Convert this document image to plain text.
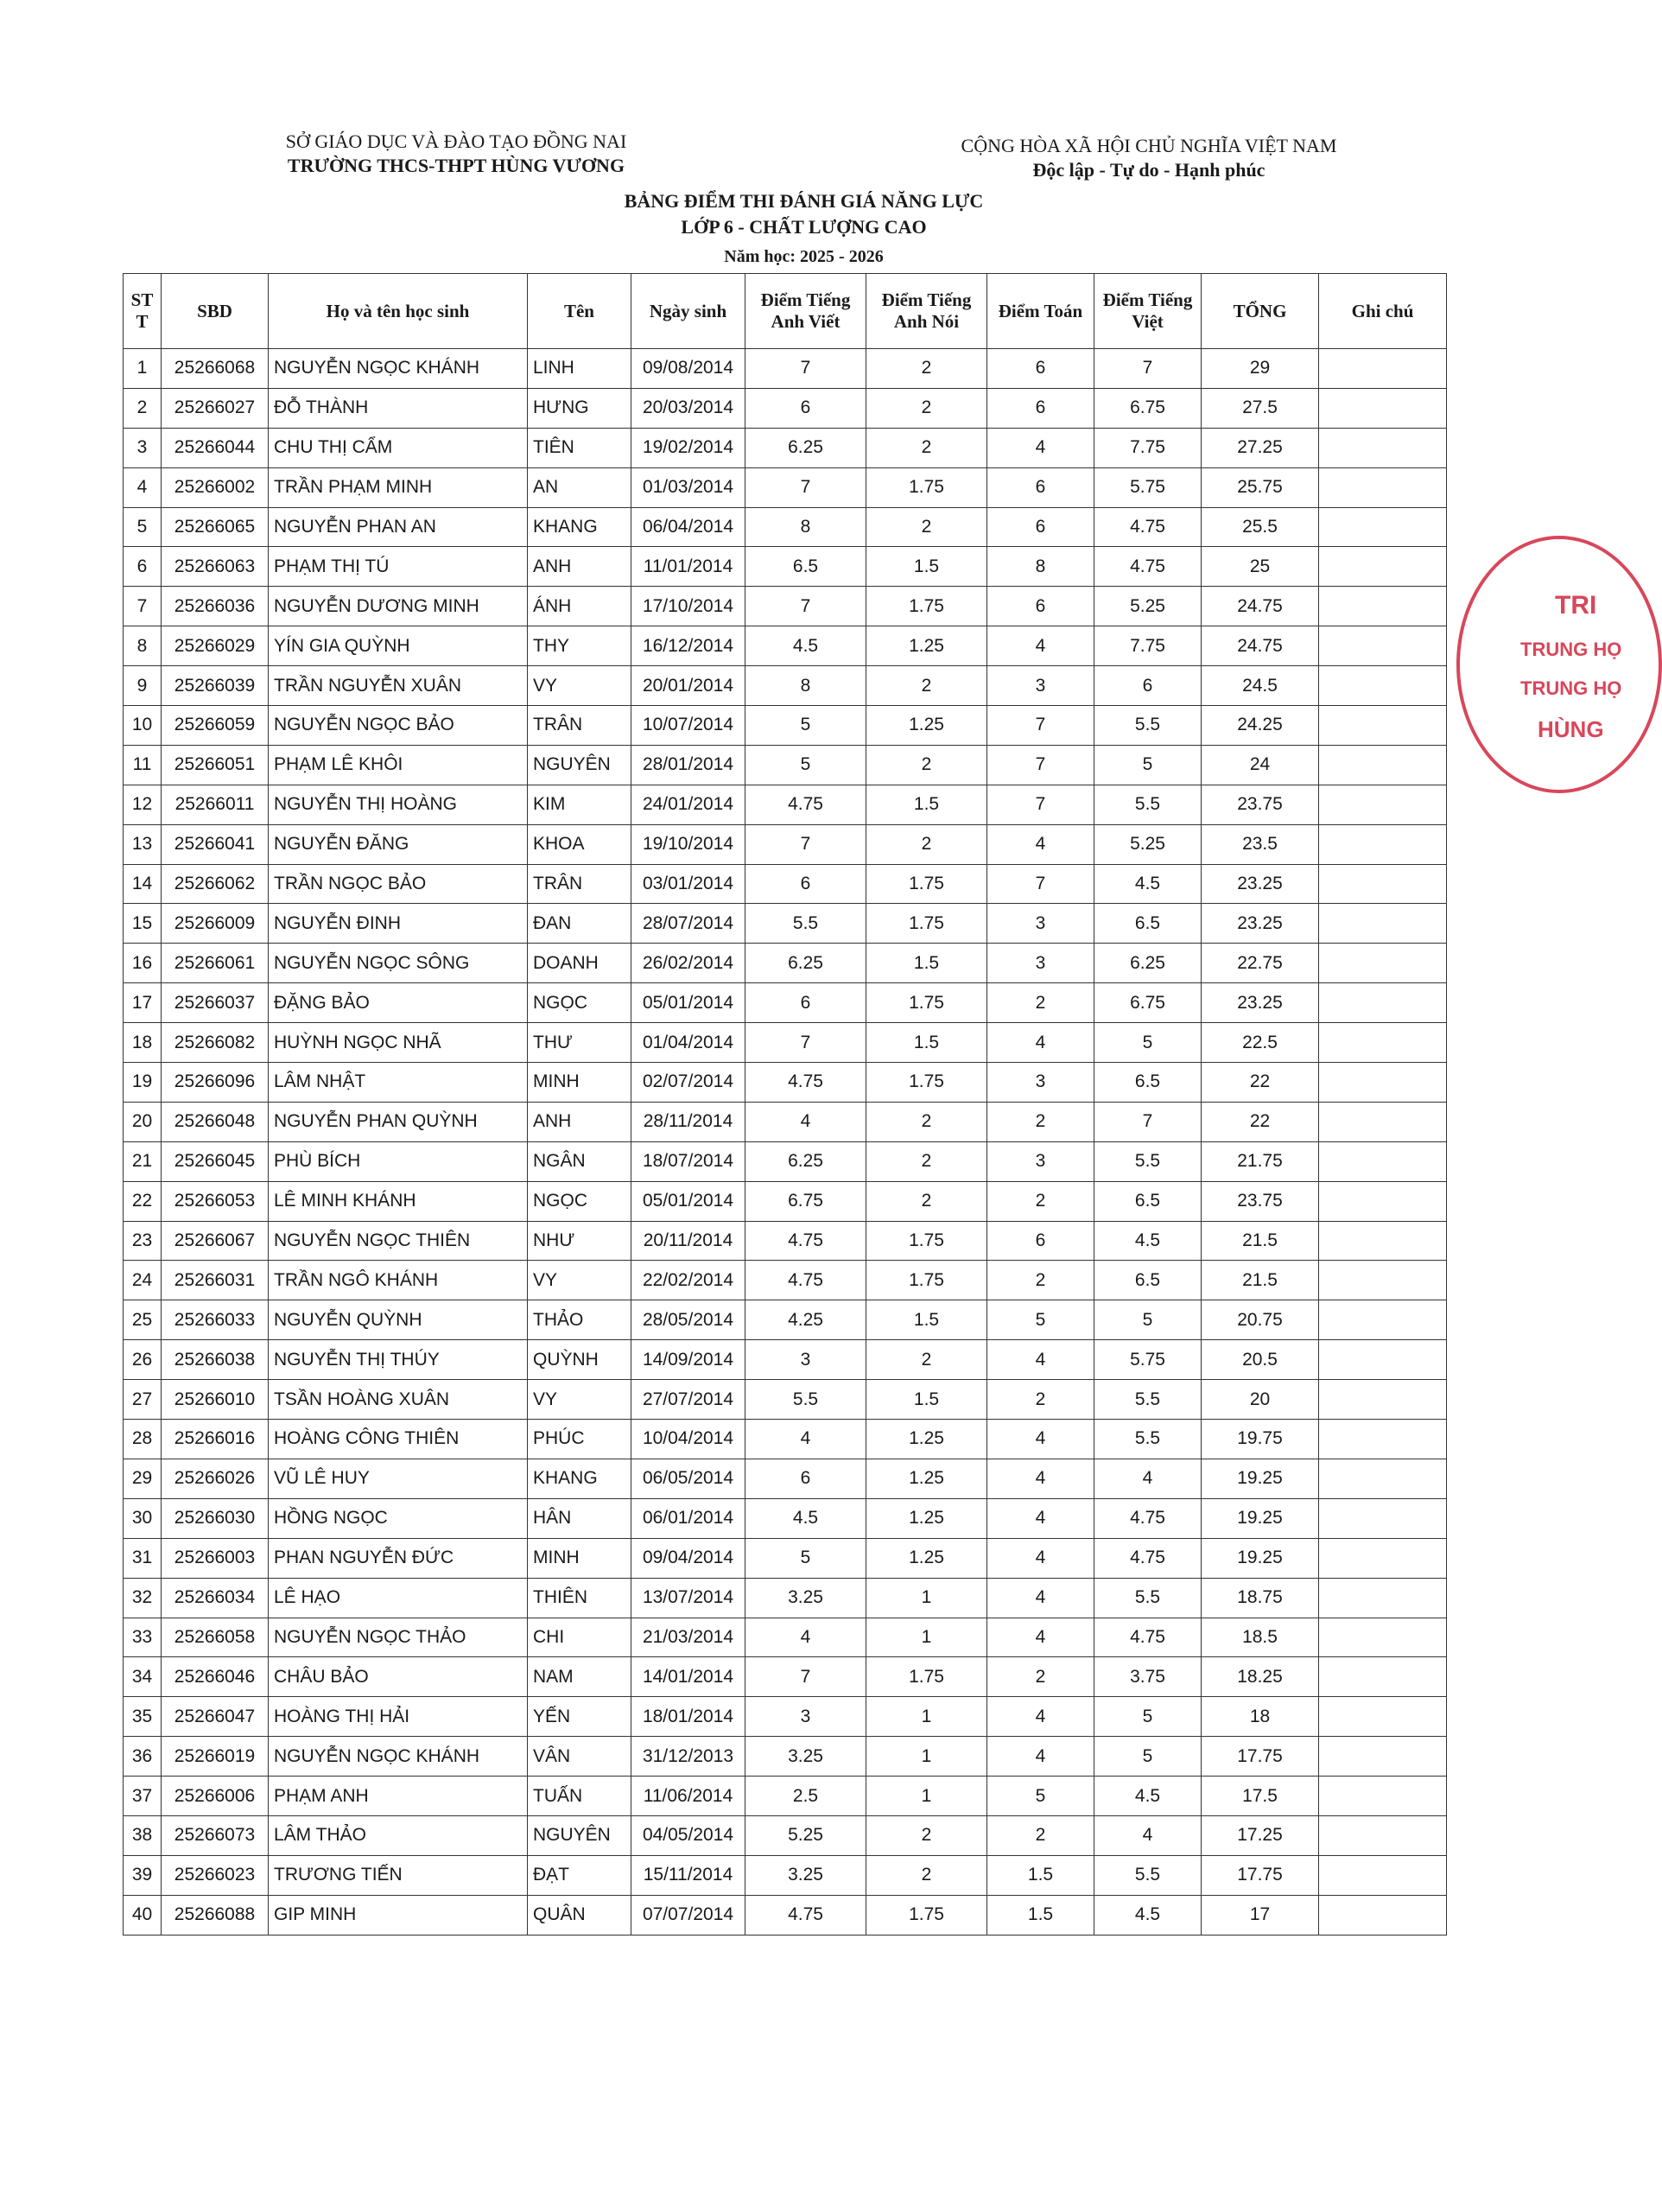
SỞ GIÁO DỤC VÀ ĐÀO TẠO ĐỒNG NAI
TRƯỜNG THCS-THPT HÙNG VƯƠNG
CỘNG HÒA XÃ HỘI CHỦ NGHĨA VIỆT NAM
Độc lập - Tự do - Hạnh phúc
BẢNG ĐIỂM THI ĐÁNH GIÁ NĂNG LỰC
LỚP 6 - CHẤT LƯỢNG CAO
Năm học: 2025 - 2026
ST T	SBD	Họ và tên học sinh	Tên	Ngày sinh	Điểm Tiếng Anh Viết	Điểm Tiếng Anh Nói	Điểm Toán	Điểm Tiếng Việt	TỔNG	Ghi chú
1	25266068	NGUYỄN NGỌC KHÁNH	LINH	09/08/2014	7	2	6	7	29	
2	25266027	ĐỖ THÀNH	HƯNG	20/03/2014	6	2	6	6.75	27.5	
3	25266044	CHU THỊ CẨM	TIÊN	19/02/2014	6.25	2	4	7.75	27.25	
4	25266002	TRẦN PHẠM MINH	AN	01/03/2014	7	1.75	6	5.75	25.75	
5	25266065	NGUYỄN PHAN AN	KHANG	06/04/2014	8	2	6	4.75	25.5	
6	25266063	PHẠM THỊ TÚ	ANH	11/01/2014	6.5	1.5	8	4.75	25	
7	25266036	NGUYỄN DƯƠNG MINH	ÁNH	17/10/2014	7	1.75	6	5.25	24.75	
8	25266029	YÍN GIA QUỲNH	THY	16/12/2014	4.5	1.25	4	7.75	24.75	
9	25266039	TRẦN NGUYỄN XUÂN	VY	20/01/2014	8	2	3	6	24.5	
10	25266059	NGUYỄN NGỌC BẢO	TRÂN	10/07/2014	5	1.25	7	5.5	24.25	
11	25266051	PHẠM LÊ KHÔI	NGUYÊN	28/01/2014	5	2	7	5	24	
12	25266011	NGUYỄN THỊ HOÀNG	KIM	24/01/2014	4.75	1.5	7	5.5	23.75	
13	25266041	NGUYỄN ĐĂNG	KHOA	19/10/2014	7	2	4	5.25	23.5	
14	25266062	TRẦN NGỌC BẢO	TRÂN	03/01/2014	6	1.75	7	4.5	23.25	
15	25266009	NGUYỄN ĐINH	ĐAN	28/07/2014	5.5	1.75	3	6.5	23.25	
16	25266061	NGUYỄN NGỌC SÔNG	DOANH	26/02/2014	6.25	1.5	3	6.25	22.75	
17	25266037	ĐẶNG BẢO	NGỌC	05/01/2014	6	1.75	2	6.75	23.25	
18	25266082	HUỲNH NGỌC NHÃ	THƯ	01/04/2014	7	1.5	4	5	22.5	
19	25266096	LÂM NHẬT	MINH	02/07/2014	4.75	1.75	3	6.5	22	
20	25266048	NGUYỄN PHAN QUỲNH	ANH	28/11/2014	4	2	2	7	22	
21	25266045	PHÙ BÍCH	NGÂN	18/07/2014	6.25	2	3	5.5	21.75	
22	25266053	LÊ MINH KHÁNH	NGỌC	05/01/2014	6.75	2	2	6.5	23.75	
23	25266067	NGUYỄN NGỌC THIÊN	NHƯ	20/11/2014	4.75	1.75	6	4.5	21.5	
24	25266031	TRẦN NGÔ KHÁNH	VY	22/02/2014	4.75	1.75	2	6.5	21.5	
25	25266033	NGUYỄN QUỲNH	THẢO	28/05/2014	4.25	1.5	5	5	20.75	
26	25266038	NGUYỄN THỊ THÚY	QUỲNH	14/09/2014	3	2	4	5.75	20.5	
27	25266010	TSẦN HOÀNG XUÂN	VY	27/07/2014	5.5	1.5	2	5.5	20	
28	25266016	HOÀNG CÔNG THIÊN	PHÚC	10/04/2014	4	1.25	4	5.5	19.75	
29	25266026	VŨ LÊ HUY	KHANG	06/05/2014	6	1.25	4	4	19.25	
30	25266030	HỒNG NGỌC	HÂN	06/01/2014	4.5	1.25	4	4.75	19.25	
31	25266003	PHAN NGUYỄN ĐỨC	MINH	09/04/2014	5	1.25	4	4.75	19.25	
32	25266034	LÊ HẠO	THIÊN	13/07/2014	3.25	1	4	5.5	18.75	
33	25266058	NGUYỄN NGỌC THẢO	CHI	21/03/2014	4	1	4	4.75	18.5	
34	25266046	CHÂU BẢO	NAM	14/01/2014	7	1.75	2	3.75	18.25	
35	25266047	HOÀNG THỊ HẢI	YẾN	18/01/2014	3	1	4	5	18	
36	25266019	NGUYỄN NGỌC KHÁNH	VÂN	31/12/2013	3.25	1	4	5	17.75	
37	25266006	PHẠM ANH	TUẤN	11/06/2014	2.5	1	5	4.5	17.5	
38	25266073	LÂM THẢO	NGUYÊN	04/05/2014	5.25	2	2	4	17.25	
39	25266023	TRƯƠNG TIẾN	ĐẠT	15/11/2014	3.25	2	1.5	5.5	17.75	
40	25266088	GIP MINH	QUÂN	07/07/2014	4.75	1.75	1.5	4.5	17	
TRI
TRUNG HỌ
TRUNG HỌ
HÙNG
